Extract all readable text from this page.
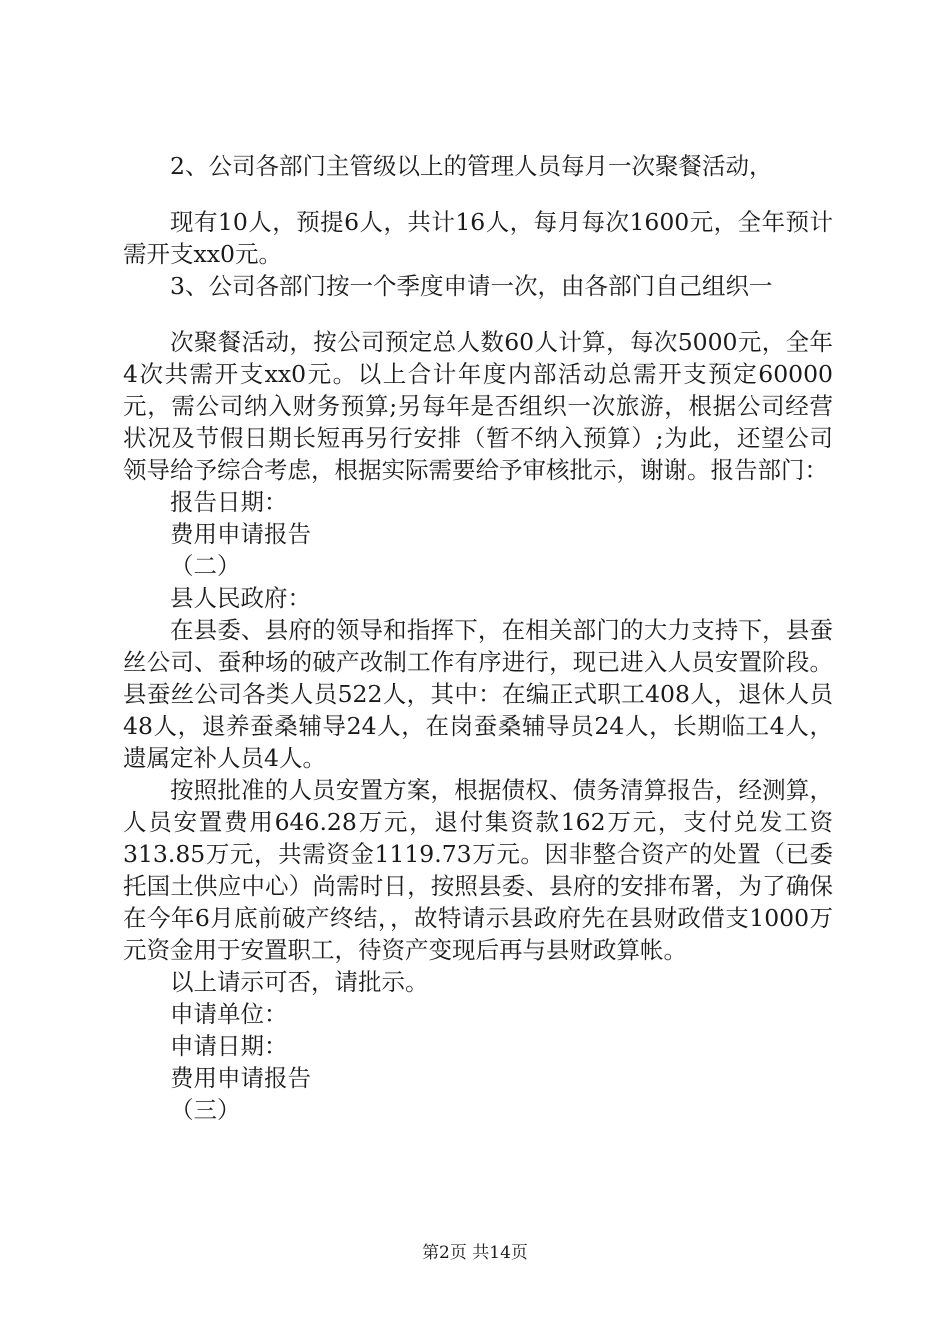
2、公司各部门主管级以上的管理人员每月一次聚餐活动，

现有10人，预提6人，共计16人，每月每次1600元，全年预计需开支xx0元。

3、公司各部门按一个季度申请一次，由各部门自己组织一

次聚餐活动，按公司预定总人数60人计算，每次5000元，全年4次共需开支xx0元。以上合计年度内部活动总需开支预定60000元，需公司纳入财务预算;另每年是否组织一次旅游，根据公司经营状况及节假日期长短再另行安排（暂不纳入预算）;为此，还望公司领导给予综合考虑，根据实际需要给予审核批示，谢谢。报告部门：

报告日期：

费用申请报告

（二）

县人民政府：

在县委、县府的领导和指挥下，在相关部门的大力支持下，县蚕丝公司、蚕种场的破产改制工作有序进行，现已进入人员安置阶段。县蚕丝公司各类人员522人，其中：在编正式职工408人，退休人员48人，退养蚕桑辅导24人，在岗蚕桑辅导员24人，长期临工4人，遗属定补人员4人。

按照批准的人员安置方案，根据债权、债务清算报告，经测算，人员安置费用646.28万元，退付集资款162万元，支付兑发工资313.85万元，共需资金1119.73万元。因非整合资产的处置（已委托国土供应中心）尚需时日，按照县委、县府的安排布署，为了确保在今年6月底前破产终结，，故特请示县政府先在县财政借支1000万元资金用于安置职工，待资产变现后再与县财政算帐。

以上请示可否，请批示。

申请单位：

申请日期：

费用申请报告

（三）

第2页 共14页
